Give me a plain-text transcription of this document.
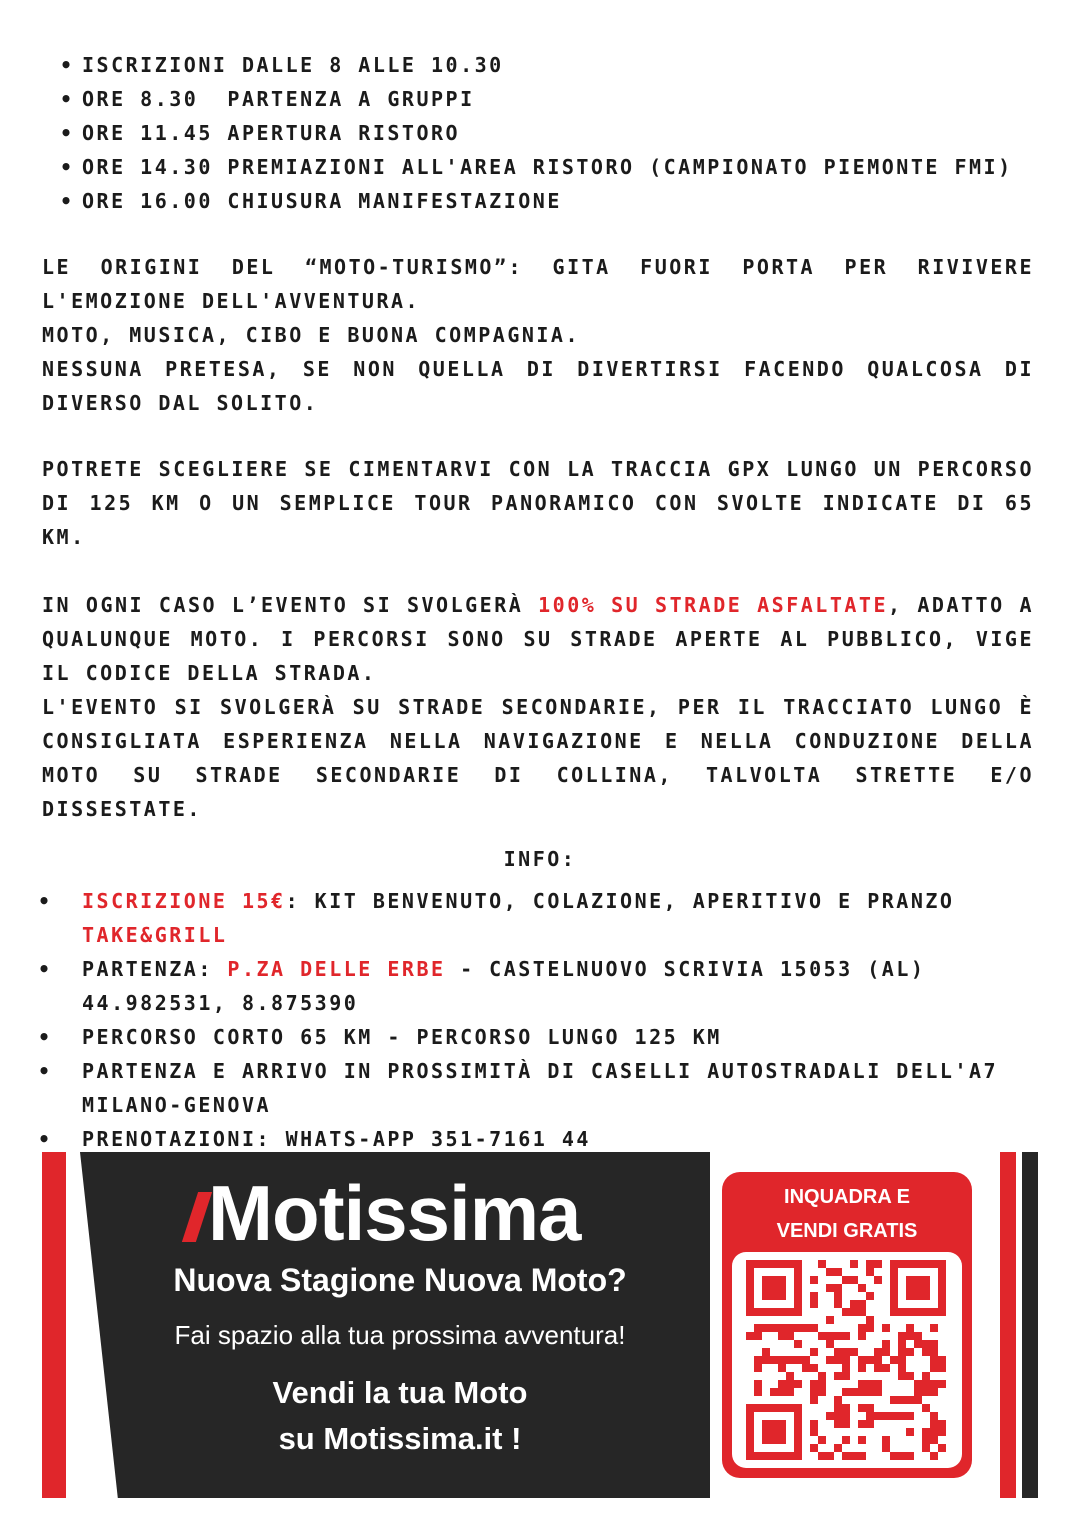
• ISCRIZIONI DALLE 8 ALLE 10.30
• ORE 8.30  PARTENZA A GRUPPI
• ORE 11.45 APERTURA RISTORO
• ORE 14.30 PREMIAZIONI ALL'AREA RISTORO (CAMPIONATO PIEMONTE FMI)
• ORE 16.00 CHIUSURA MANIFESTAZIONE
LE ORIGINI DEL “MOTO-TURISMO”: GITA FUORI PORTA PER RIVIVERE L'EMOZIONE DELL'AVVENTURA.
MOTO, MUSICA, CIBO E BUONA COMPAGNIA.
NESSUNA PRETESA, SE NON QUELLA DI DIVERTIRSI FACENDO QUALCOSA DI DIVERSO DAL SOLITO.
POTRETE SCEGLIERE SE CIMENTARVI CON LA TRACCIA GPX LUNGO UN PERCORSO DI 125 KM O UN SEMPLICE TOUR PANORAMICO CON SVOLTE INDICATE DI 65 KM.
IN OGNI CASO L’EVENTO SI SVOLGERÀ 100% SU STRADE ASFALTATE, ADATTO A QUALUNQUE MOTO. I PERCORSI SONO SU STRADE APERTE AL PUBBLICO, VIGE IL CODICE DELLA STRADA.
L'EVENTO SI SVOLGERÀ SU STRADE SECONDARIE, PER IL TRACCIATO LUNGO È CONSIGLIATA ESPERIENZA NELLA NAVIGAZIONE E NELLA CONDUZIONE DELLA MOTO SU STRADE SECONDARIE DI COLLINA, TALVOLTA STRETTE E/O DISSESTATE.
INFO:
• ISCRIZIONE 15€: KIT BENVENUTO, COLAZIONE, APERITIVO E PRANZO TAKE&GRILL
• PARTENZA: P.ZA DELLE ERBE - CASTELNUOVO SCRIVIA 15053 (AL) 44.982531, 8.875390
• PERCORSO CORTO 65 KM - PERCORSO LUNGO 125 KM
• PARTENZA E ARRIVO IN PROSSIMITÀ DI CASELLI AUTOSTRADALI DELL'A7 MILANO-GENOVA
• PRENOTAZIONI: WHATS-APP 351-7161 44
Motissima
Nuova Stagione Nuova Moto?
Fai spazio alla tua prossima avventura!
Vendi la tua Moto
su Motissima.it !
INQUADRA E
VENDI GRATIS
